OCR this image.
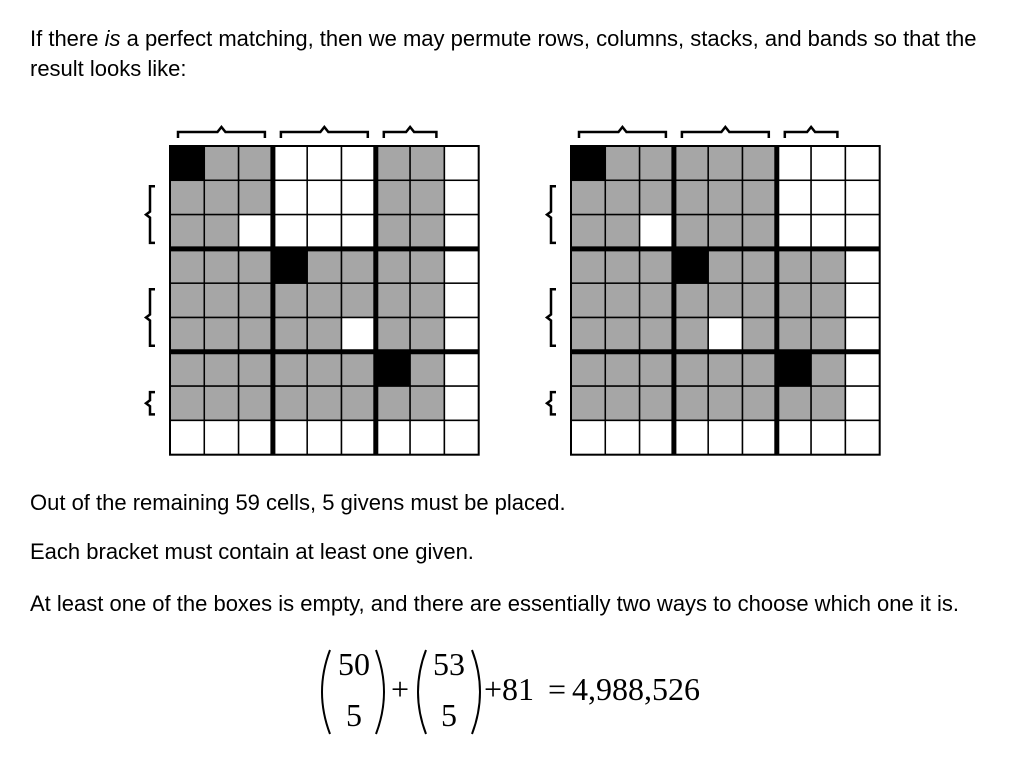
If there is a perfect matching, then we may permute rows, columns, stacks, and bands so that the result looks like:

Out of the remaining 59 cells, 5 givens must be placed.

Each bracket must contain at least one given.

At least one of the boxes is empty, and there are essentially two ways to choose which one it is.

50
5
+
53
5
+81 = 4,988,526
